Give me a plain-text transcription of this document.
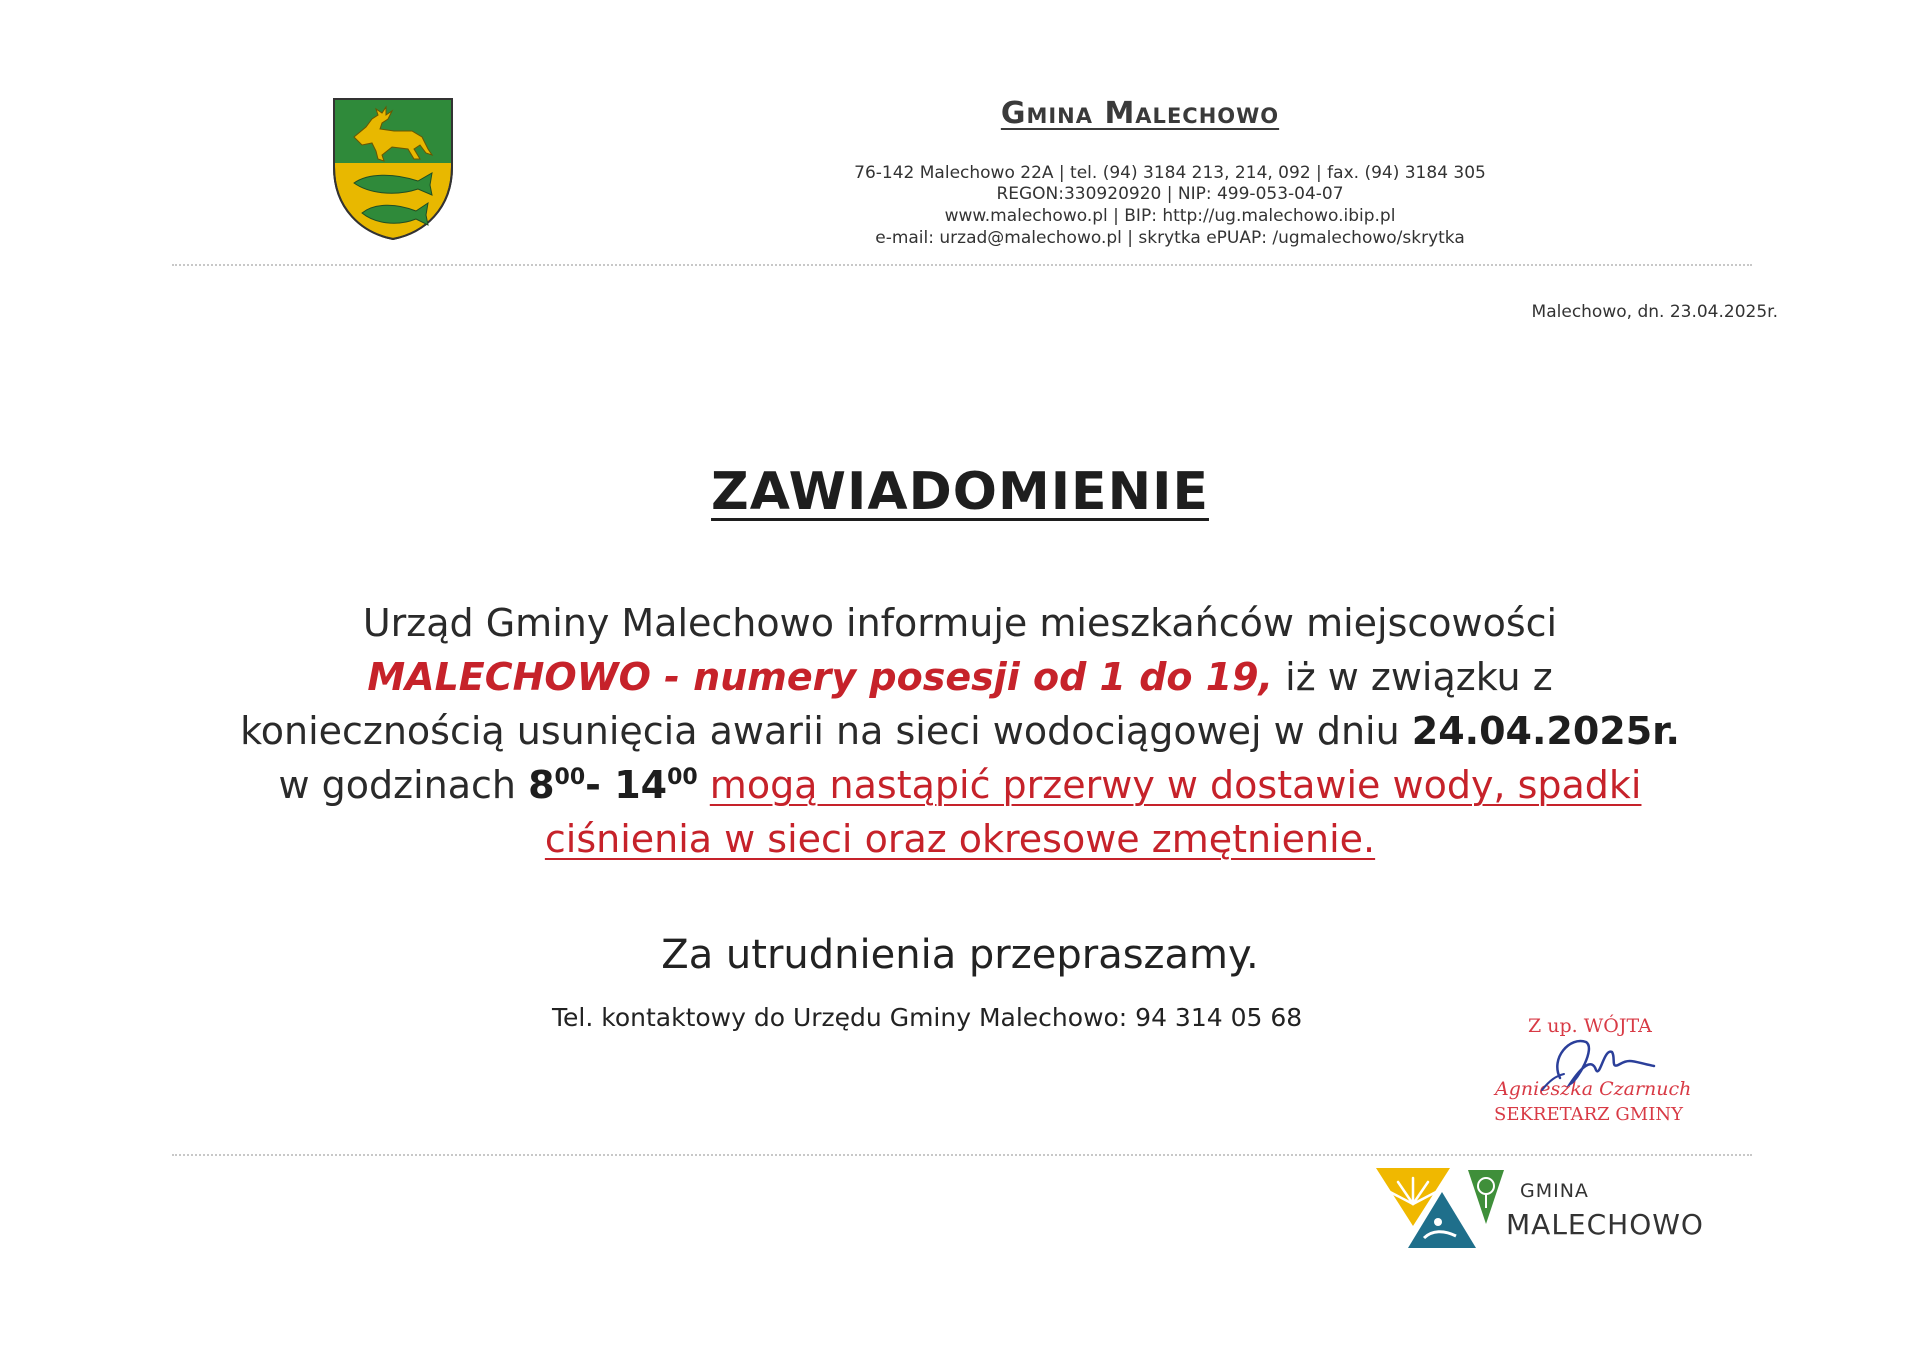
Gmina Malechowo
76-142 Malechowo 22A | tel. (94) 3184 213, 214, 092 | fax. (94) 3184 305
REGON:330920920 | NIP: 499-053-04-07
www.malechowo.pl | BIP: http://ug.malechowo.ibip.pl
e-mail: urzad@malechowo.pl | skrytka ePUAP: /ugmalechowo/skrytka
Malechowo, dn. 23.04.2025r.
ZAWIADOMIENIE
Urząd Gminy Malechowo informuje mieszkańców miejscowości
MALECHOWO - numery posesji od 1 do 19, iż w związku z
koniecznością usunięcia awarii na sieci wodociągowej w dniu 24.04.2025r.
w godzinach $8^{00}-$ $14^{00}$ mogą nastąpić przerwy w dostawie wody, spadki
ciśnienia w sieci oraz okresowe zmętnienie.
Za utrudnienia przepraszamy.
Tel. kontaktowy do Urzędu Gminy Malechowo: 94 314 05 68	Z up. WÓJTA
Agnieszka Czarnuch
SEKRETARZ GMINY
GMINA
MALECHOWO
